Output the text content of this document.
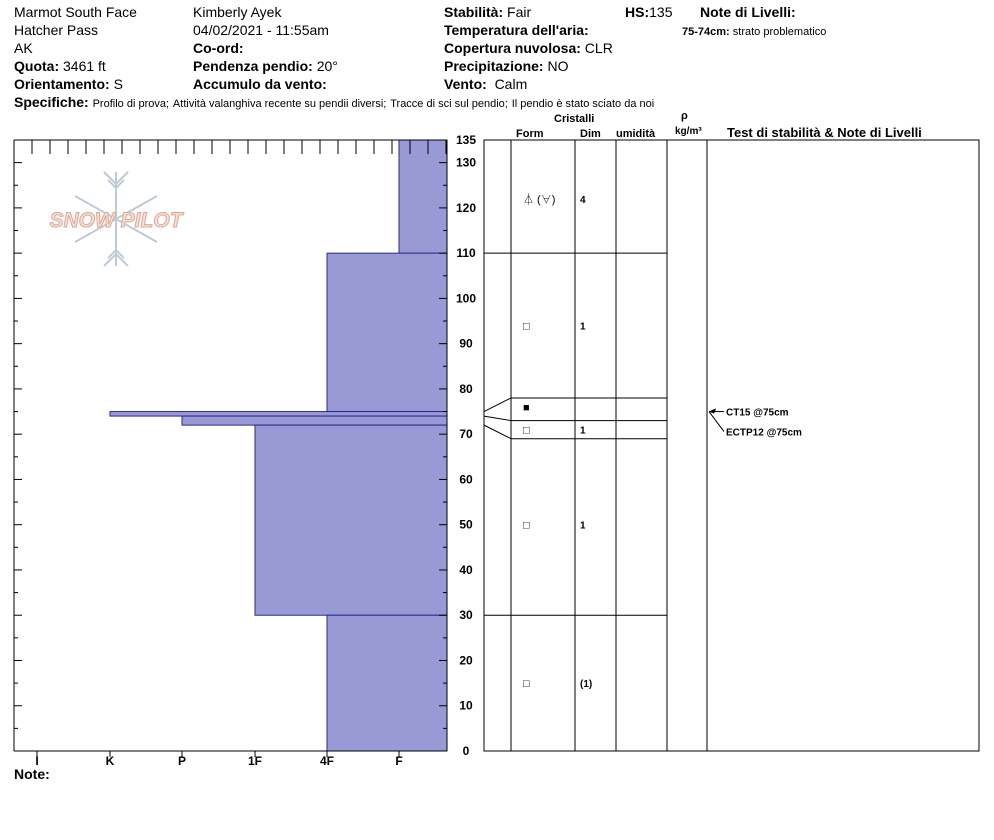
Marmot South Face
Hatcher Pass
AK
Quota: 3461 ft
Orientamento: S
Kimberly Ayek
04/02/2021 - 11:55am
Co-ord:
Pendenza pendio: 20°
Accumulo da vento:
Stabilità: Fair	HS:135 Note di Livelli:
Temperatura dell'aria:	75-74cm: strato problematico
Copertura nuvolosa: CLR
Precipitazione: NO
Vento: Calm
Specifiche: Profilo di prova; Attività valanghiva recente su pendii diversi; Tracce di sci sul pendio; Il pendio è stato sciato da noi
Note:
Cristalli
Form	Dim umidità
ρ
kg/m³ Test di stabilità & Note di Livelli
SNOW PILOT
I	K	P	1F	4F	F
0
10
20
30
40
50
60
70
80
90
100
110
120
130
135
⏃ (∀) 4
□	1
■
□	1
□	1
□	(1)
CT15 @75cm
ECTP12 @75cm
